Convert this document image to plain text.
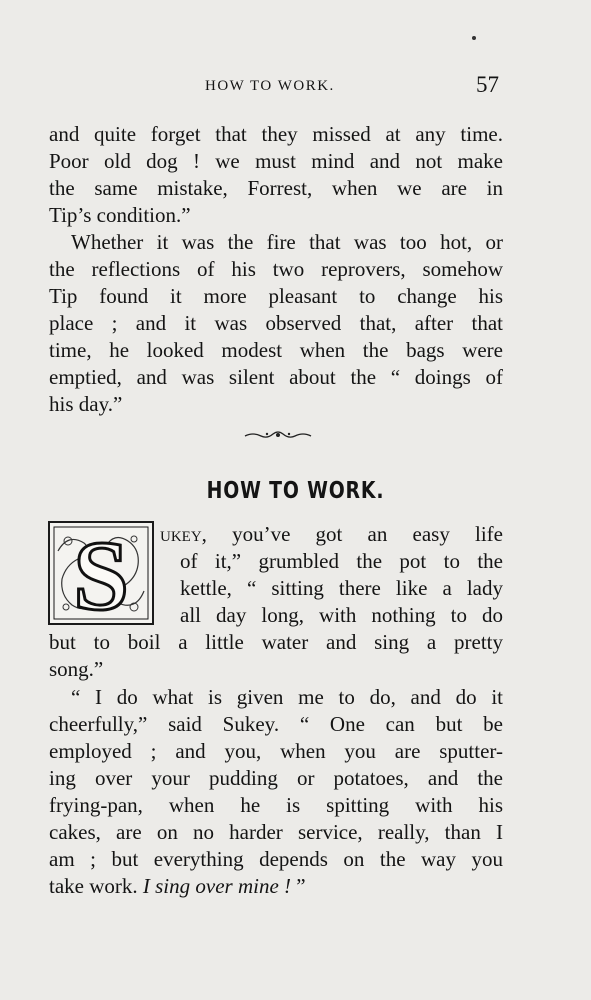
HOW TO WORK.	57
and quite forget that they missed at any time.
Poor old dog ! we must mind and not make
the same mistake, Forrest, when we are in
Tip’s condition.”
Whether it was the fire that was too hot, or
the reflections of his two reprovers, somehow
Tip found it more pleasant to change his
place ; and it was observed that, after that
time, he looked modest when the bags were
emptied, and was silent about the “ doings of
his day.”
HOW TO WORK.
S ukey, you’ve got an easy life
of it,” grumbled the pot to the
kettle, “ sitting there like a lady
all day long, with nothing to do
but to boil a little water and sing a pretty
song.”
“ I do what is given me to do, and do it
cheerfully,” said Sukey. “ One can but be
employed ; and you, when you are sputter-
ing over your pudding or potatoes, and the
frying-pan, when he is spitting with his
cakes, are on no harder service, really, than I
am ; but everything depends on the way you
take work. I sing over mine ! ”
